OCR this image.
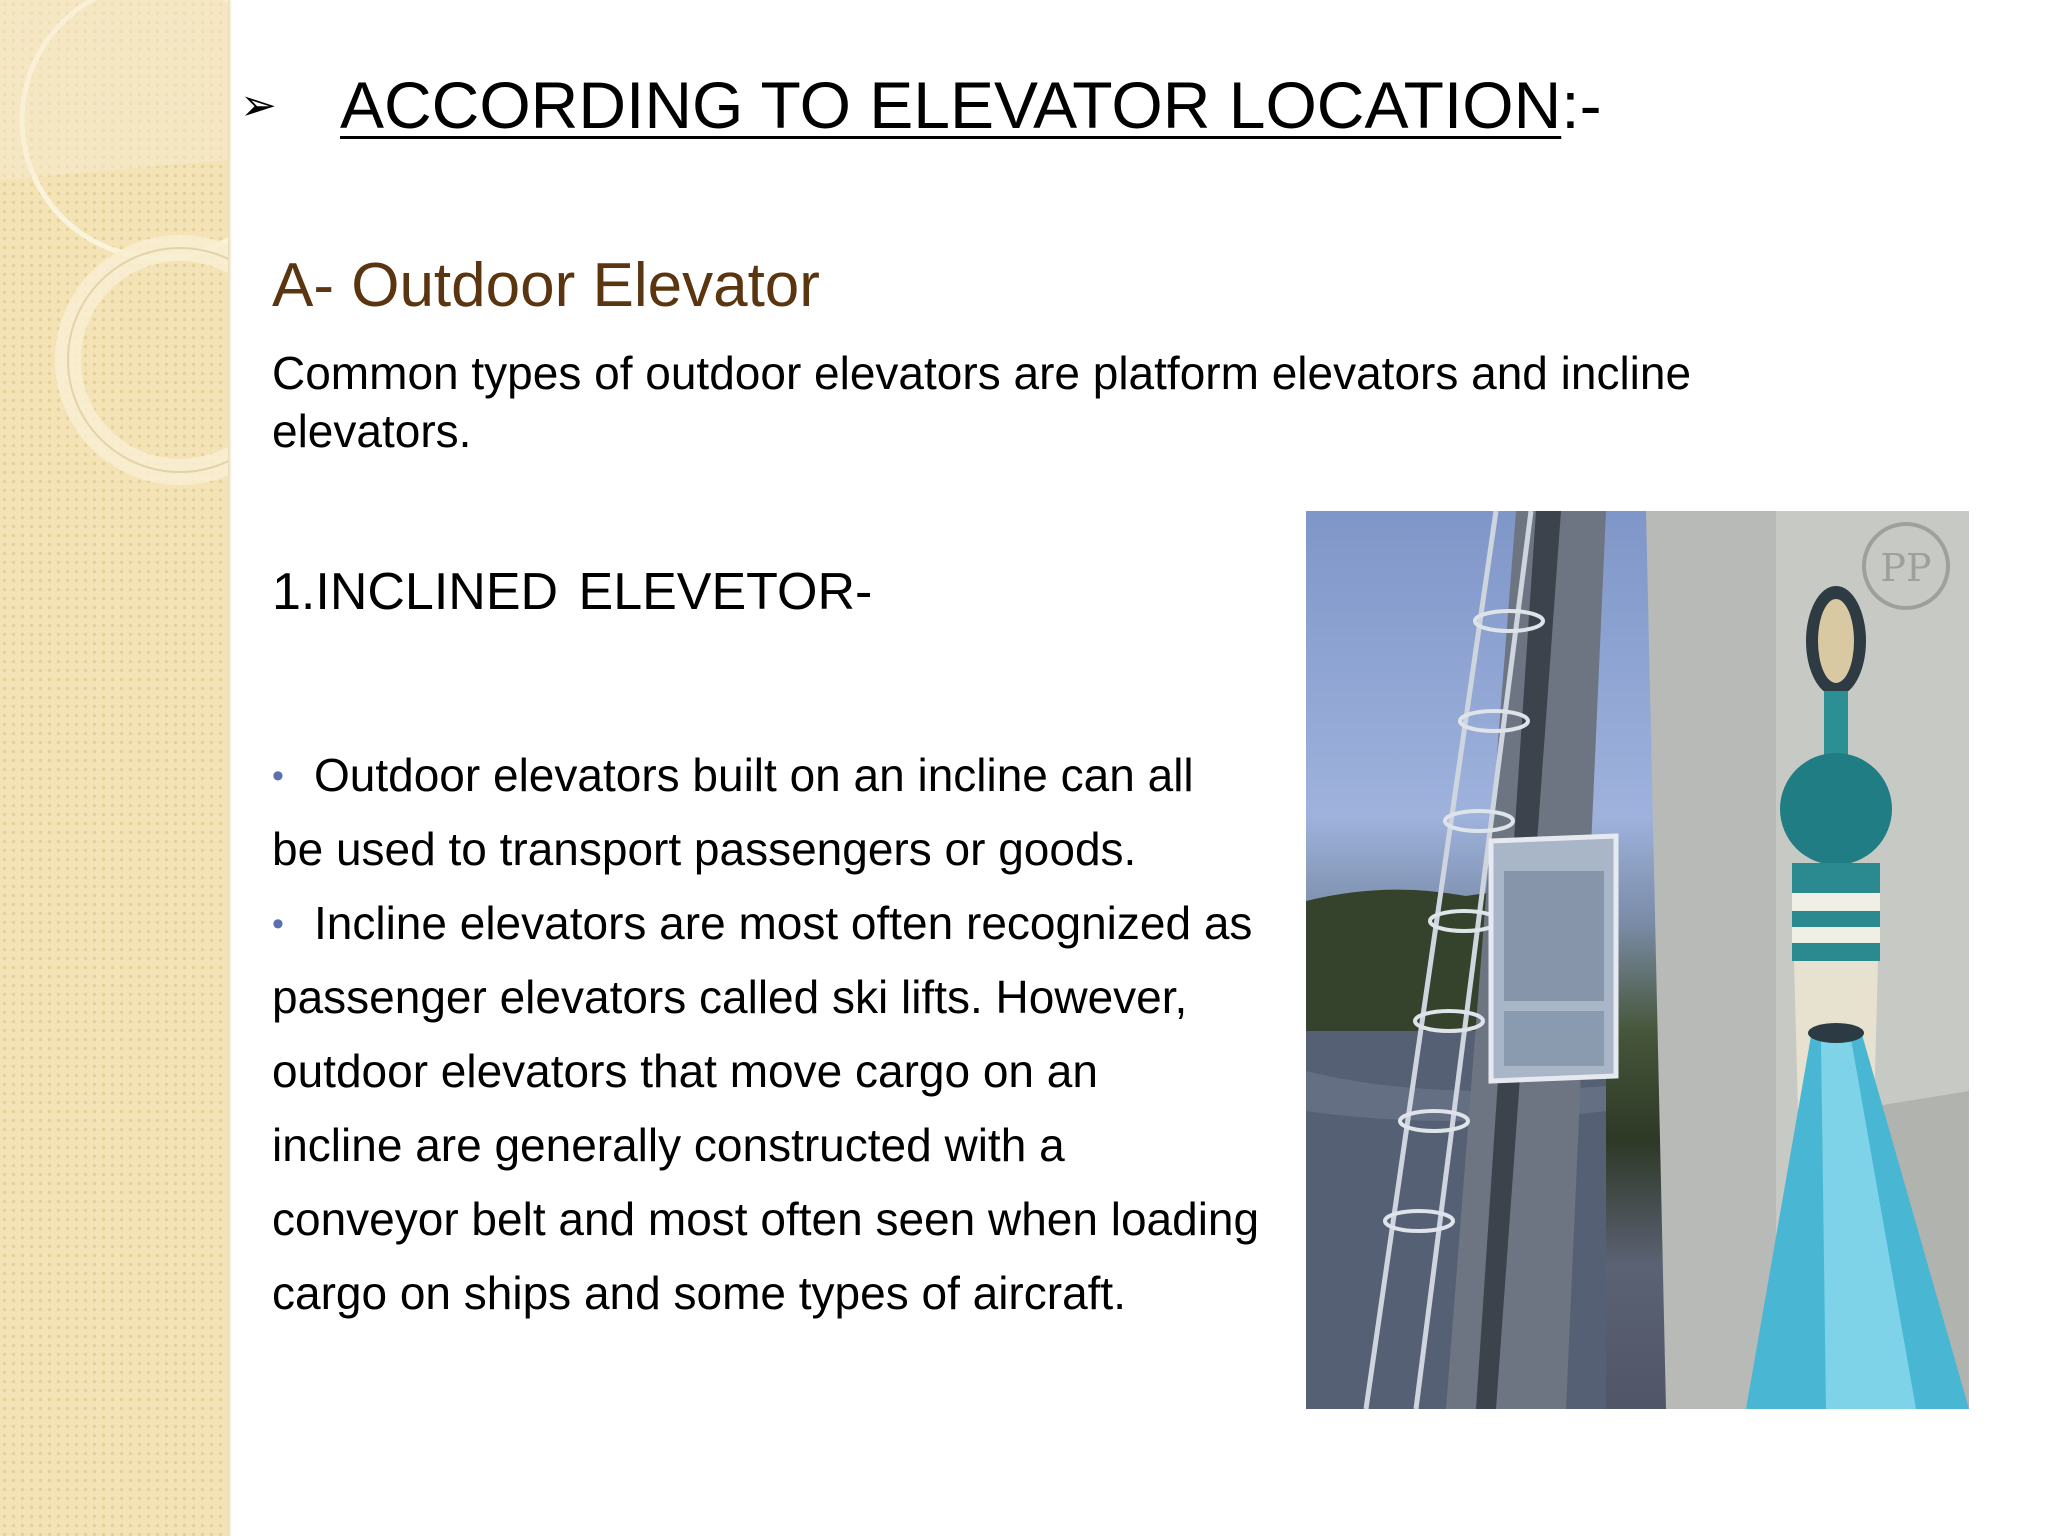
➢ ACCORDING TO ELEVATOR LOCATION :-
A- Outdoor Elevator
Common types of outdoor elevators are platform elevators and incline elevators.
1.INCLINED ELEVETOR-
• Outdoor elevators built on an incline can all
be used to transport passengers or goods.
• Incline elevators are most often recognized as
passenger elevators called ski lifts. However,
outdoor elevators that move cargo on an
incline are generally constructed with a
conveyor belt and most often seen when loading
cargo on ships and some types of aircraft.
PP
